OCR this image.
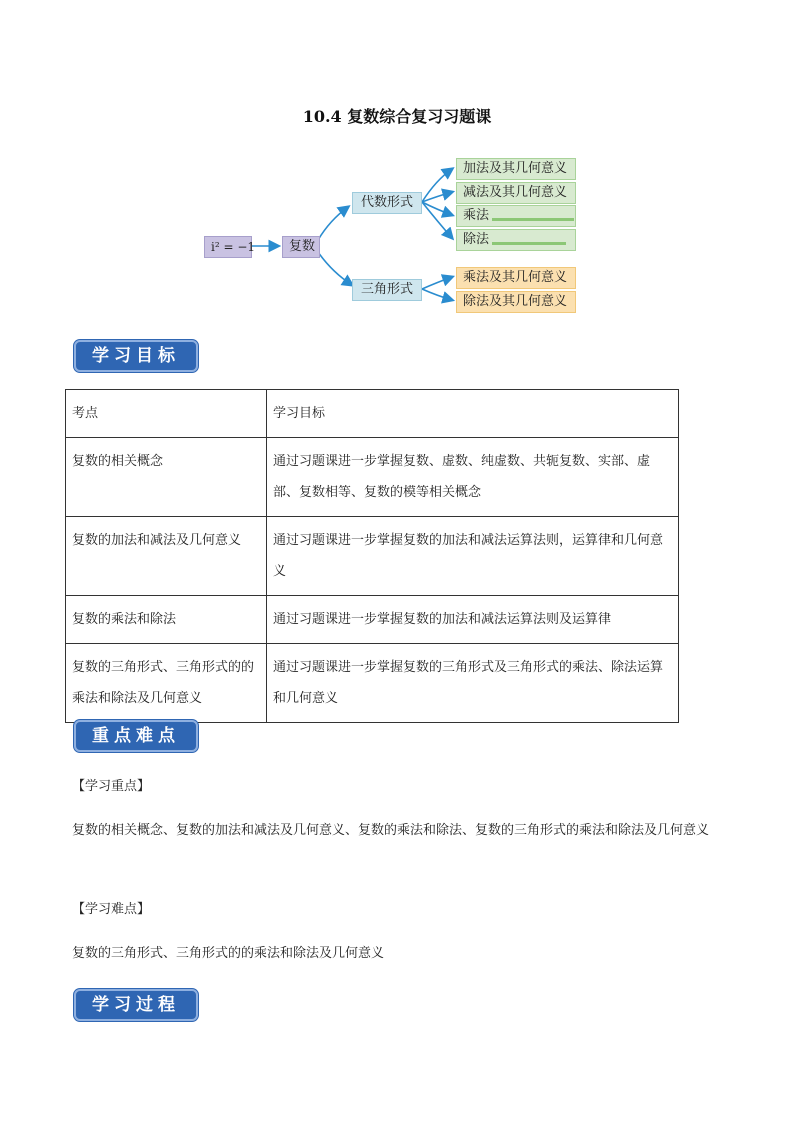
10.4 复数综合复习习题课
i² = −1	复数
代数形式
三角形式
加法及其几何意义
减法及其几何意义
乘法
除法
乘法及其几何意义
除法及其几何意义
学习目标
考点	学习目标
复数的相关概念	通过习题课进一步掌握复数、虚数、纯虚数、共轭复数、实部、虚部、复数相等、复数的模等相关概念
复数的加法和减法及几何意义	通过习题课进一步掌握复数的加法和减法运算法则，运算律和几何意义
复数的乘法和除法	通过习题课进一步掌握复数的加法和减法运算法则及运算律
复数的三角形式、三角形式的的乘法和除法及几何意义	通过习题课进一步掌握复数的三角形式及三角形式的乘法、除法运算和几何意义
重点难点
【学习重点】
复数的相关概念、复数的加法和减法及几何意义、复数的乘法和除法、复数的三角形式的乘法和除法及几何意义
【学习难点】
复数的三角形式、三角形式的的乘法和除法及几何意义
学习过程
